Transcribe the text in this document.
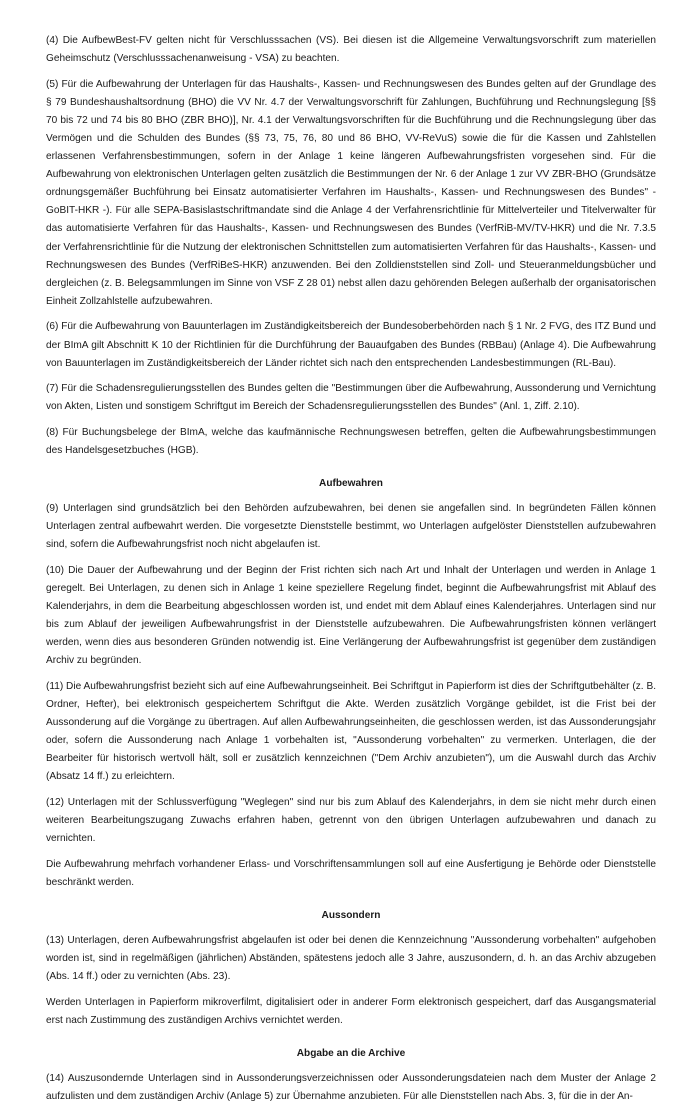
(4) Die AufbewBest-FV gelten nicht für Verschlusssachen (VS). Bei diesen ist die Allgemeine Verwaltungsvorschrift zum materiellen Geheimschutz (Verschlusssachenanweisung - VSA) zu beachten.

(5) Für die Aufbewahrung der Unterlagen für das Haushalts-, Kassen- und Rechnungswesen des Bundes gelten auf der Grundlage des § 79 Bundeshaushaltsordnung (BHO) die VV Nr. 4.7 der Verwaltungsvorschrift für Zahlungen, Buchführung und Rechnungslegung [§§ 70 bis 72 und 74 bis 80 BHO (ZBR BHO)], Nr. 4.1 der Verwaltungsvorschriften für die Buchführung und die Rechnungslegung über das Vermögen und die Schulden des Bundes (§§ 73, 75, 76, 80 und 86 BHO, VV-ReVuS) sowie die für die Kassen und Zahlstellen erlassenen Verfahrensbestimmungen, sofern in der Anlage 1 keine längeren Aufbewahrungsfristen vorgesehen sind. Für die Aufbewahrung von elektronischen Unterlagen gelten zusätzlich die Bestimmungen der Nr. 6 der Anlage 1 zur VV ZBR-BHO (Grundsätze ordnungsgemäßer Buchführung bei Einsatz automatisierter Verfahren im Haushalts-, Kassen- und Rechnungswesen des Bundes" - GoBIT-HKR -). Für alle SEPA-Basislastschriftmandate sind die Anlage 4 der Verfahrensrichtlinie für Mittelverteiler und Titelverwalter für das automatisierte Verfahren für das Haushalts-, Kassen- und Rechnungswesen des Bundes (VerfRiB-MV/TV-HKR) und die Nr. 7.3.5 der Verfahrensrichtlinie für die Nutzung der elektronischen Schnittstellen zum automatisierten Verfahren für das Haushalts-, Kassen- und Rechnungswesen des Bundes (VerfRiBeS-HKR) anzuwenden. Bei den Zolldienststellen sind Zoll- und Steueranmeldungsbücher und dergleichen (z. B. Belegsammlungen im Sinne von VSF Z 28 01) nebst allen dazu gehörenden Belegen außerhalb der organisatorischen Einheit Zollzahlstelle aufzubewahren.

(6) Für die Aufbewahrung von Bauunterlagen im Zuständigkeitsbereich der Bundesoberbehörden nach § 1 Nr. 2 FVG, des ITZ Bund und der BImA gilt Abschnitt K 10 der Richtlinien für die Durchführung der Bauaufgaben des Bundes (RBBau) (Anlage 4). Die Aufbewahrung von Bauunterlagen im Zuständigkeitsbereich der Länder richtet sich nach den entsprechenden Landesbestimmungen (RL-Bau).

(7) Für die Schadensregulierungsstellen des Bundes gelten die "Bestimmungen über die Aufbewahrung, Aussonderung und Vernichtung von Akten, Listen und sonstigem Schriftgut im Bereich der Schadensregulierungsstellen des Bundes" (Anl. 1, Ziff. 2.10).

(8) Für Buchungsbelege der BImA, welche das kaufmännische Rechnungswesen betreffen, gelten die Aufbewahrungsbestimmungen des Handelsgesetzbuches (HGB).

Aufbewahren

(9) Unterlagen sind grundsätzlich bei den Behörden aufzubewahren, bei denen sie angefallen sind. In begründeten Fällen können Unterlagen zentral aufbewahrt werden. Die vorgesetzte Dienststelle bestimmt, wo Unterlagen aufgelöster Dienststellen aufzubewahren sind, sofern die Aufbewahrungsfrist noch nicht abgelaufen ist.

(10) Die Dauer der Aufbewahrung und der Beginn der Frist richten sich nach Art und Inhalt der Unterlagen und werden in Anlage 1 geregelt. Bei Unterlagen, zu denen sich in Anlage 1 keine speziellere Regelung findet, beginnt die Aufbewahrungsfrist mit Ablauf des Kalenderjahrs, in dem die Bearbeitung abgeschlossen worden ist, und endet mit dem Ablauf eines Kalenderjahres. Unterlagen sind nur bis zum Ablauf der jeweiligen Aufbewahrungsfrist in der Dienststelle aufzubewahren. Die Aufbewahrungsfristen können verlängert werden, wenn dies aus besonderen Gründen notwendig ist. Eine Verlängerung der Aufbewahrungsfrist ist gegenüber dem zuständigen Archiv zu begründen.

(11) Die Aufbewahrungsfrist bezieht sich auf eine Aufbewahrungseinheit. Bei Schriftgut in Papierform ist dies der Schriftgutbehälter (z. B. Ordner, Hefter), bei elektronisch gespeichertem Schriftgut die Akte. Werden zusätzlich Vorgänge gebildet, ist die Frist bei der Aussonderung auf die Vorgänge zu übertragen. Auf allen Aufbewahrungseinheiten, die geschlossen werden, ist das Aussonderungsjahr oder, sofern die Aussonderung nach Anlage 1 vorbehalten ist, "Aussonderung vorbehalten" zu vermerken. Unterlagen, die der Bearbeiter für historisch wertvoll hält, soll er zusätzlich kennzeichnen ("Dem Archiv anzubieten"), um die Auswahl durch das Archiv (Absatz 14 ff.) zu erleichtern.

(12) Unterlagen mit der Schlussverfügung "Weglegen" sind nur bis zum Ablauf des Kalenderjahrs, in dem sie nicht mehr durch einen weiteren Bearbeitungszugang Zuwachs erfahren haben, getrennt von den übrigen Unterlagen aufzubewahren und danach zu vernichten.

Die Aufbewahrung mehrfach vorhandener Erlass- und Vorschriftensammlungen soll auf eine Ausfertigung je Behörde oder Dienststelle beschränkt werden.

Aussondern

(13) Unterlagen, deren Aufbewahrungsfrist abgelaufen ist oder bei denen die Kennzeichnung "Aussonderung vorbehalten" aufgehoben worden ist, sind in regelmäßigen (jährlichen) Abständen, spätestens jedoch alle 3 Jahre, auszusondern, d. h. an das Archiv abzugeben (Abs. 14 ff.) oder zu vernichten (Abs. 23).

Werden Unterlagen in Papierform mikroverfilmt, digitalisiert oder in anderer Form elektronisch gespeichert, darf das Ausgangsmaterial erst nach Zustimmung des zuständigen Archivs vernichtet werden.

Abgabe an die Archive

(14) Auszusondernde Unterlagen sind in Aussonderungsverzeichnissen oder Aussonderungsdateien nach dem Muster der Anlage 2 aufzulisten und dem zuständigen Archiv (Anlage 5) zur Übernahme anzubieten. Für alle Dienststellen nach Abs. 3, für die in der An-
